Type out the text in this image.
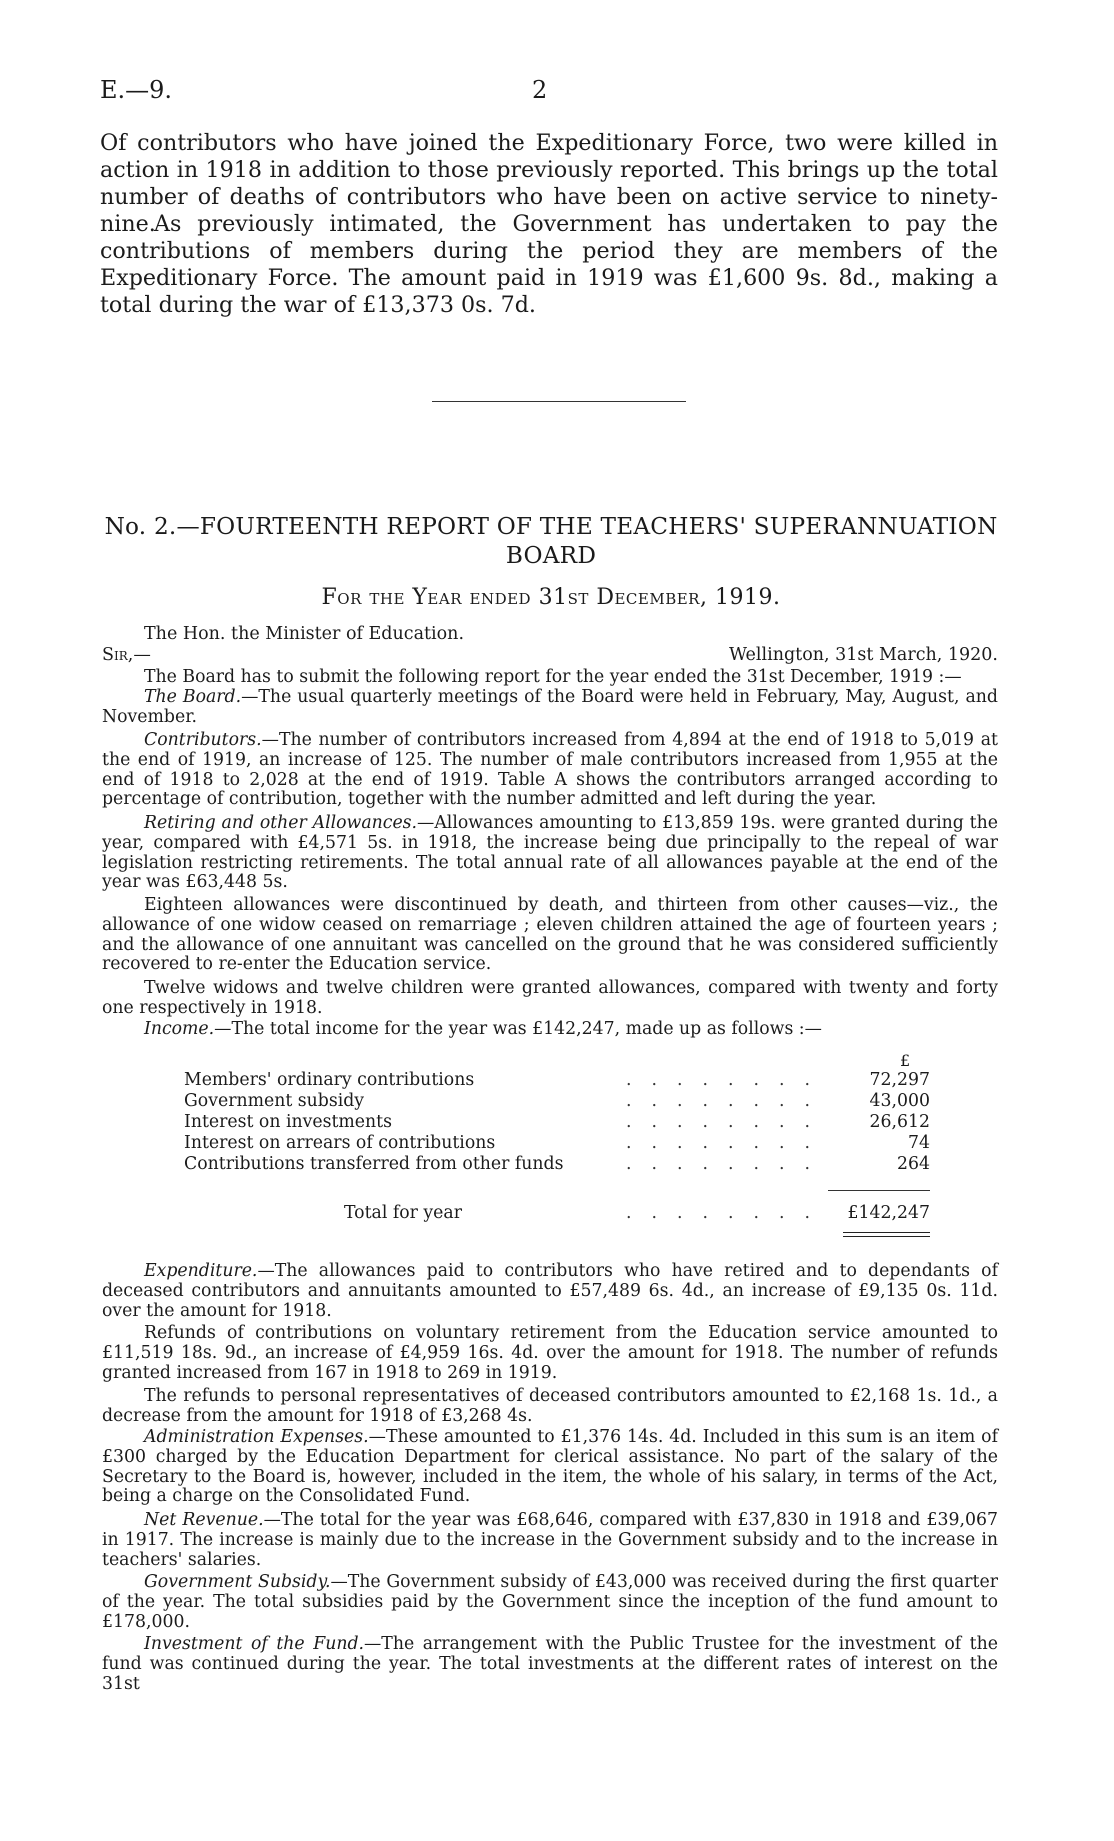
E.—9.	2

Of contributors who have joined the Expeditionary Force, two were killed in action in 1918 in addition to those previously reported. This brings up the total number of deaths of contributors who have been on active service to ninety-nine.

As previously intimated, the Government has undertaken to pay the contributions of members during the period they are members of the Expeditionary Force. The amount paid in 1919 was £1,600 9s. 8d., making a total during the war of £13,373 0s. 7d.

No. 2.—FOURTEENTH REPORT OF THE TEACHERS' SUPERANNUATION BOARD
For the Year ended 31st December, 1919.
The Hon. the Minister of Education.
Sir,—	Wellington, 31st March, 1920.

The Board has to submit the following report for the year ended the 31st December, 1919 :—

The Board.—The usual quarterly meetings of the Board were held in February, May, August, and November.

Contributors.—The number of contributors increased from 4,894 at the end of 1918 to 5,019 at the end of 1919, an increase of 125. The number of male contributors increased from 1,955 at the end of 1918 to 2,028 at the end of 1919. Table A shows the contributors arranged according to percentage of contribution, together with the number admitted and left during the year.

Retiring and other Allowances.—Allowances amounting to £13,859 19s. were granted during the year, compared with £4,571 5s. in 1918, the increase being due principally to the repeal of war legislation restricting retirements. The total annual rate of all allowances payable at the end of the year was £63,448 5s.

Eighteen allowances were discontinued by death, and thirteen from other causes—viz., the allowance of one widow ceased on remarriage ; eleven children attained the age of fourteen years ; and the allowance of one annuitant was cancelled on the ground that he was considered sufficiently recovered to re-enter the Education service.

Twelve widows and twelve children were granted allowances, compared with twenty and forty one respectively in 1918.

Income.—The total income for the year was £142,247, made up as follows :—

£
........
Members' ordinary contributions	72,297
........
Government subsidy	43,000
........
Interest on investments	26,612
........
Interest on arrears of contributions	74
........
Contributions transferred from other funds	264
........
Total for year	£142,247

Expenditure.—The allowances paid to contributors who have retired and to dependants of deceased contributors and annuitants amounted to £57,489 6s. 4d., an increase of £9,135 0s. 11d. over the amount for 1918.

Refunds of contributions on voluntary retirement from the Education service amounted to £11,519 18s. 9d., an increase of £4,959 16s. 4d. over the amount for 1918. The number of refunds granted increased from 167 in 1918 to 269 in 1919.

The refunds to personal representatives of deceased contributors amounted to £2,168 1s. 1d., a decrease from the amount for 1918 of £3,268 4s.

Administration Expenses.—These amounted to £1,376 14s. 4d. Included in this sum is an item of £300 charged by the Education Department for clerical assistance. No part of the salary of the Secretary to the Board is, however, included in the item, the whole of his salary, in terms of the Act, being a charge on the Consolidated Fund.

Net Revenue.—The total for the year was £68,646, compared with £37,830 in 1918 and £39,067 in 1917. The increase is mainly due to the increase in the Government subsidy and to the increase in teachers' salaries.

Government Subsidy.—The Government subsidy of £43,000 was received during the first quarter of the year. The total subsidies paid by the Government since the inception of the fund amount to £178,000.

Investment of the Fund.—The arrangement with the Public Trustee for the investment of the fund was continued during the year. The total investments at the different rates of interest on the 31st
